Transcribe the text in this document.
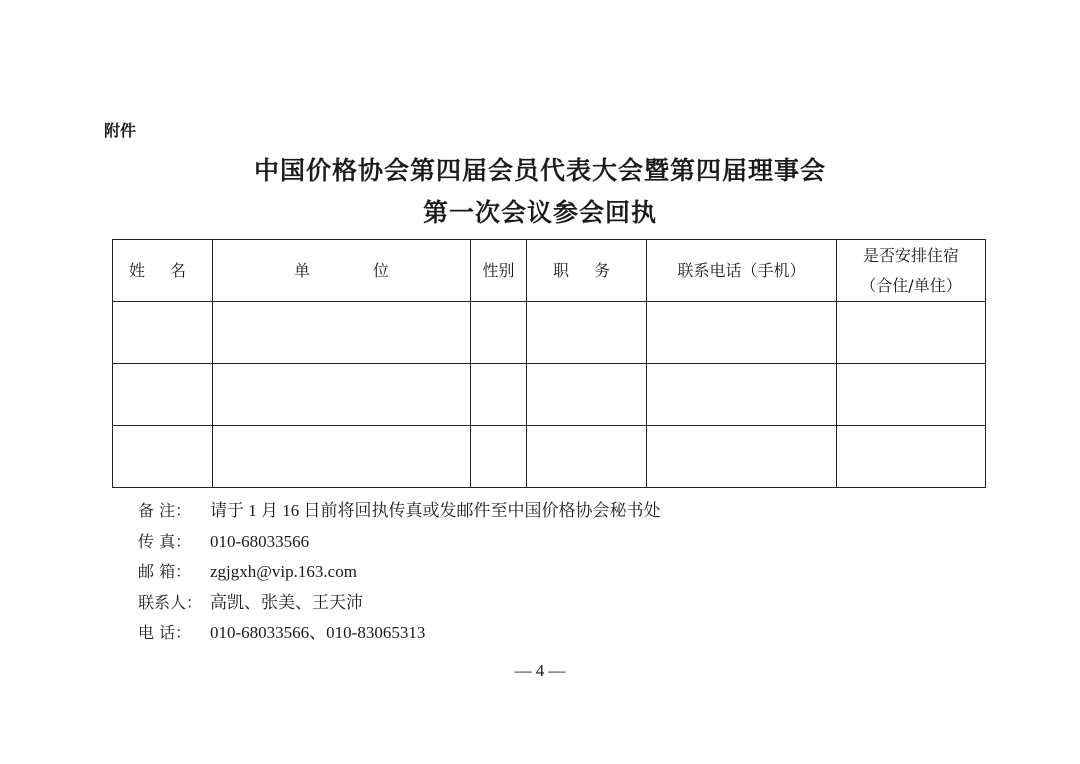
附件
中国价格协会第四届会员代表大会暨第四届理事会
第一次会议参会回执
姓 名	单 位	性别	职 务	联系电话（手机）	是否安排住宿
（合住/单住）

备 注： 请于 1 月 16 日前将回执传真或发邮件至中国价格协会秘书处
传 真： 010-68033566
邮 箱： zgjgxh@vip.163.com
联系人： 高凯、张美、王天沛
电 话： 010-68033566、010-83065313
— 4 —
